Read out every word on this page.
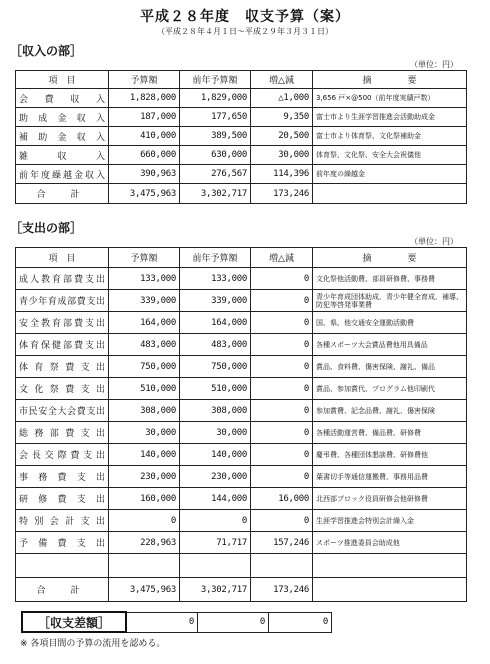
平成２８年度　収支予算（案）
（平成２８年４月１日～平成２９年３月３１日）
［収入の部］
（単位：円）
項　目	予算額	前年予算額	増△減	摘　　　　要
会費収入	1,828,000	1,829,000	△1,000	3,656 戸×@500（前年度実績戸数）
助成金収入	187,000	177,650	9,350	富士市より生涯学習推進会活動助成金
補助金収入	410,000	389,500	20,500	富士市より体育祭、文化祭補助金
雑収入	660,000	630,000	30,000	体育祭、文化祭、安全大会祝儀他
前年度繰越金収入	390,963	276,567	114,396	前年度の繰越金
合　計	3,475,963	3,302,717	173,246	
［支出の部］
（単位：円）
項　目	予算額	前年予算額	増△減	摘　　　　要
成人教育部費支出	133,000	133,000	0	文化祭他活動費、部員研修費、事務費
青少年育成部費支出	339,000	339,000	0	青少年育成団体助成、青少年健全育成、補導、防犯等啓発事業費
安全教育部費支出	164,000	164,000	0	国、県、他交通安全運動活動費
体育保健部費支出	483,000	483,000	0	各種スポーツ大会賞品費他用具備品
体育祭費支出	750,000	750,000	0	賞品、食料費、傷害保険、謝礼、備品
文化祭費支出	510,000	510,000	0	賞品、参加賞代、プログラム他印刷代
市民安全大会費支出	308,000	308,000	0	参加賞費、記念品費、謝礼、傷害保険
総務部費支出	30,000	30,000	0	各種活動運営費、備品費、研修費
会長交際費支出	140,000	140,000	0	慶弔費、各種団体懇談費、研修費他
事務費支出	230,000	230,000	0	葉書切手等通信運搬費、事務用品費
研修費支出	160,000	144,000	16,000	北西部ブロック役員研修会他研修費
特別会計支出	0	0	0	生涯学習推進会特別会計繰入金
予備費支出	228,963	71,717	157,246	スポーツ推進委員会助成他

合　計	3,475,963	3,302,717	173,246	
［収支差額］	0	0	0
※ 各項目間の予算の流用を認める。
